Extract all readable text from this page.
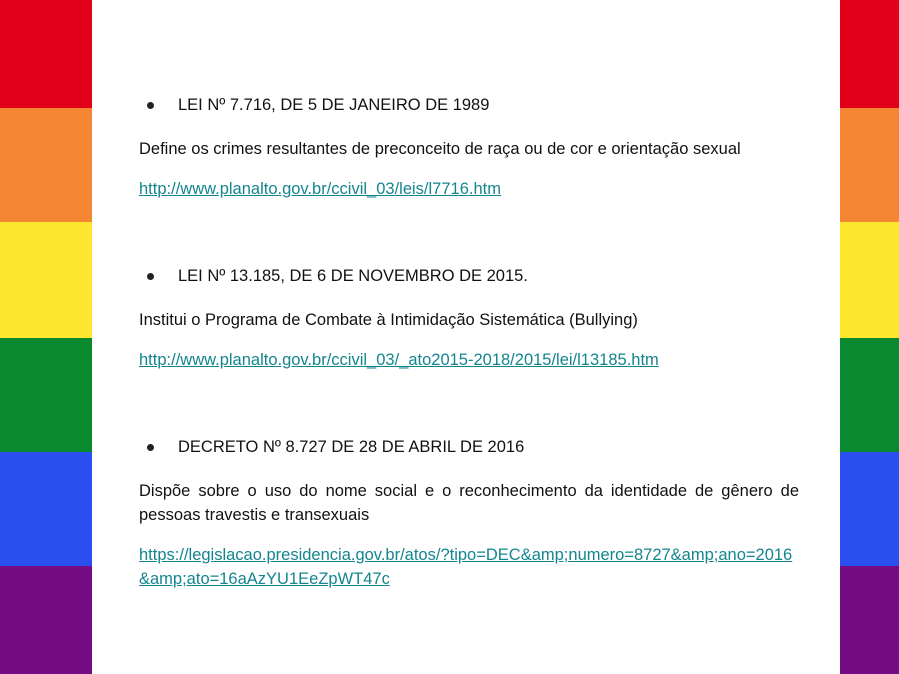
LEI Nº 7.716, DE 5 DE JANEIRO DE 1989

Define os crimes resultantes de preconceito de raça ou de cor e orientação sexual

http://www.planalto.gov.br/ccivil_03/leis/l7716.htm

LEI Nº 13.185, DE 6 DE NOVEMBRO DE 2015.

Institui o Programa de Combate à Intimidação Sistemática (Bullying)

http://www.planalto.gov.br/ccivil_03/_ato2015-2018/2015/lei/l13185.htm

DECRETO Nº 8.727 DE 28 DE ABRIL DE 2016

Dispõe sobre o uso do nome social e o reconhecimento da identidade de gênero de pessoas travestis e transexuais

https://legislacao.presidencia.gov.br/atos/?tipo=DEC&amp;numero=8727&amp;ano=2016&amp;ato=16aAzYU1EeZpWT47c
